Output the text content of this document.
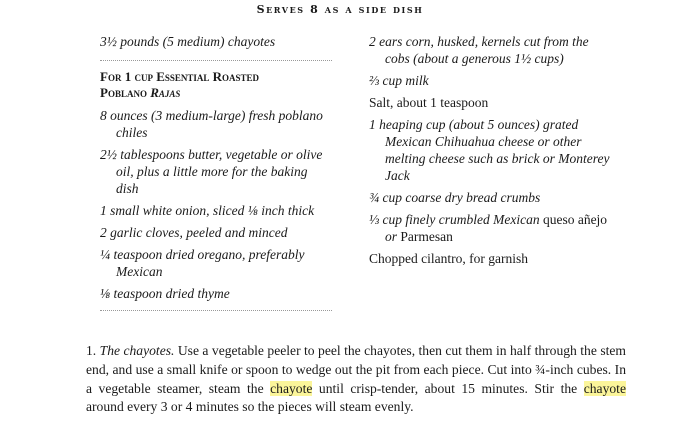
Serves 8 as a side dish

3½ pounds (5 medium) chayotes

For 1 cup Essential Roasted
Poblano Rajas

8 ounces (3 medium-large) fresh poblano chiles

2½ tablespoons butter, vegetable or olive oil, plus a little more for the baking dish

1 small white onion, sliced ⅛ inch thick

2 garlic cloves, peeled and minced

¼ teaspoon dried oregano, preferably Mexican

⅛ teaspoon dried thyme

2 ears corn, husked, kernels cut from the cobs (about a generous 1½ cups)

⅔ cup milk

Salt, about 1 teaspoon

1 heaping cup (about 5 ounces) grated Mexican Chihuahua cheese or other melting cheese such as brick or Monterey Jack

¾ cup coarse dry bread crumbs

⅓ cup finely crumbled Mexican queso añejo or Parmesan

Chopped cilantro, for garnish

1. The chayotes. Use a vegetable peeler to peel the chayotes, then cut them in half through the stem end, and use a small knife or spoon to wedge out the pit from each piece. Cut into ¾-inch cubes. In a vegetable steamer, steam the chayote until crisp-tender, about 15 minutes. Stir the chayote around every 3 or 4 minutes so the pieces will steam evenly.
